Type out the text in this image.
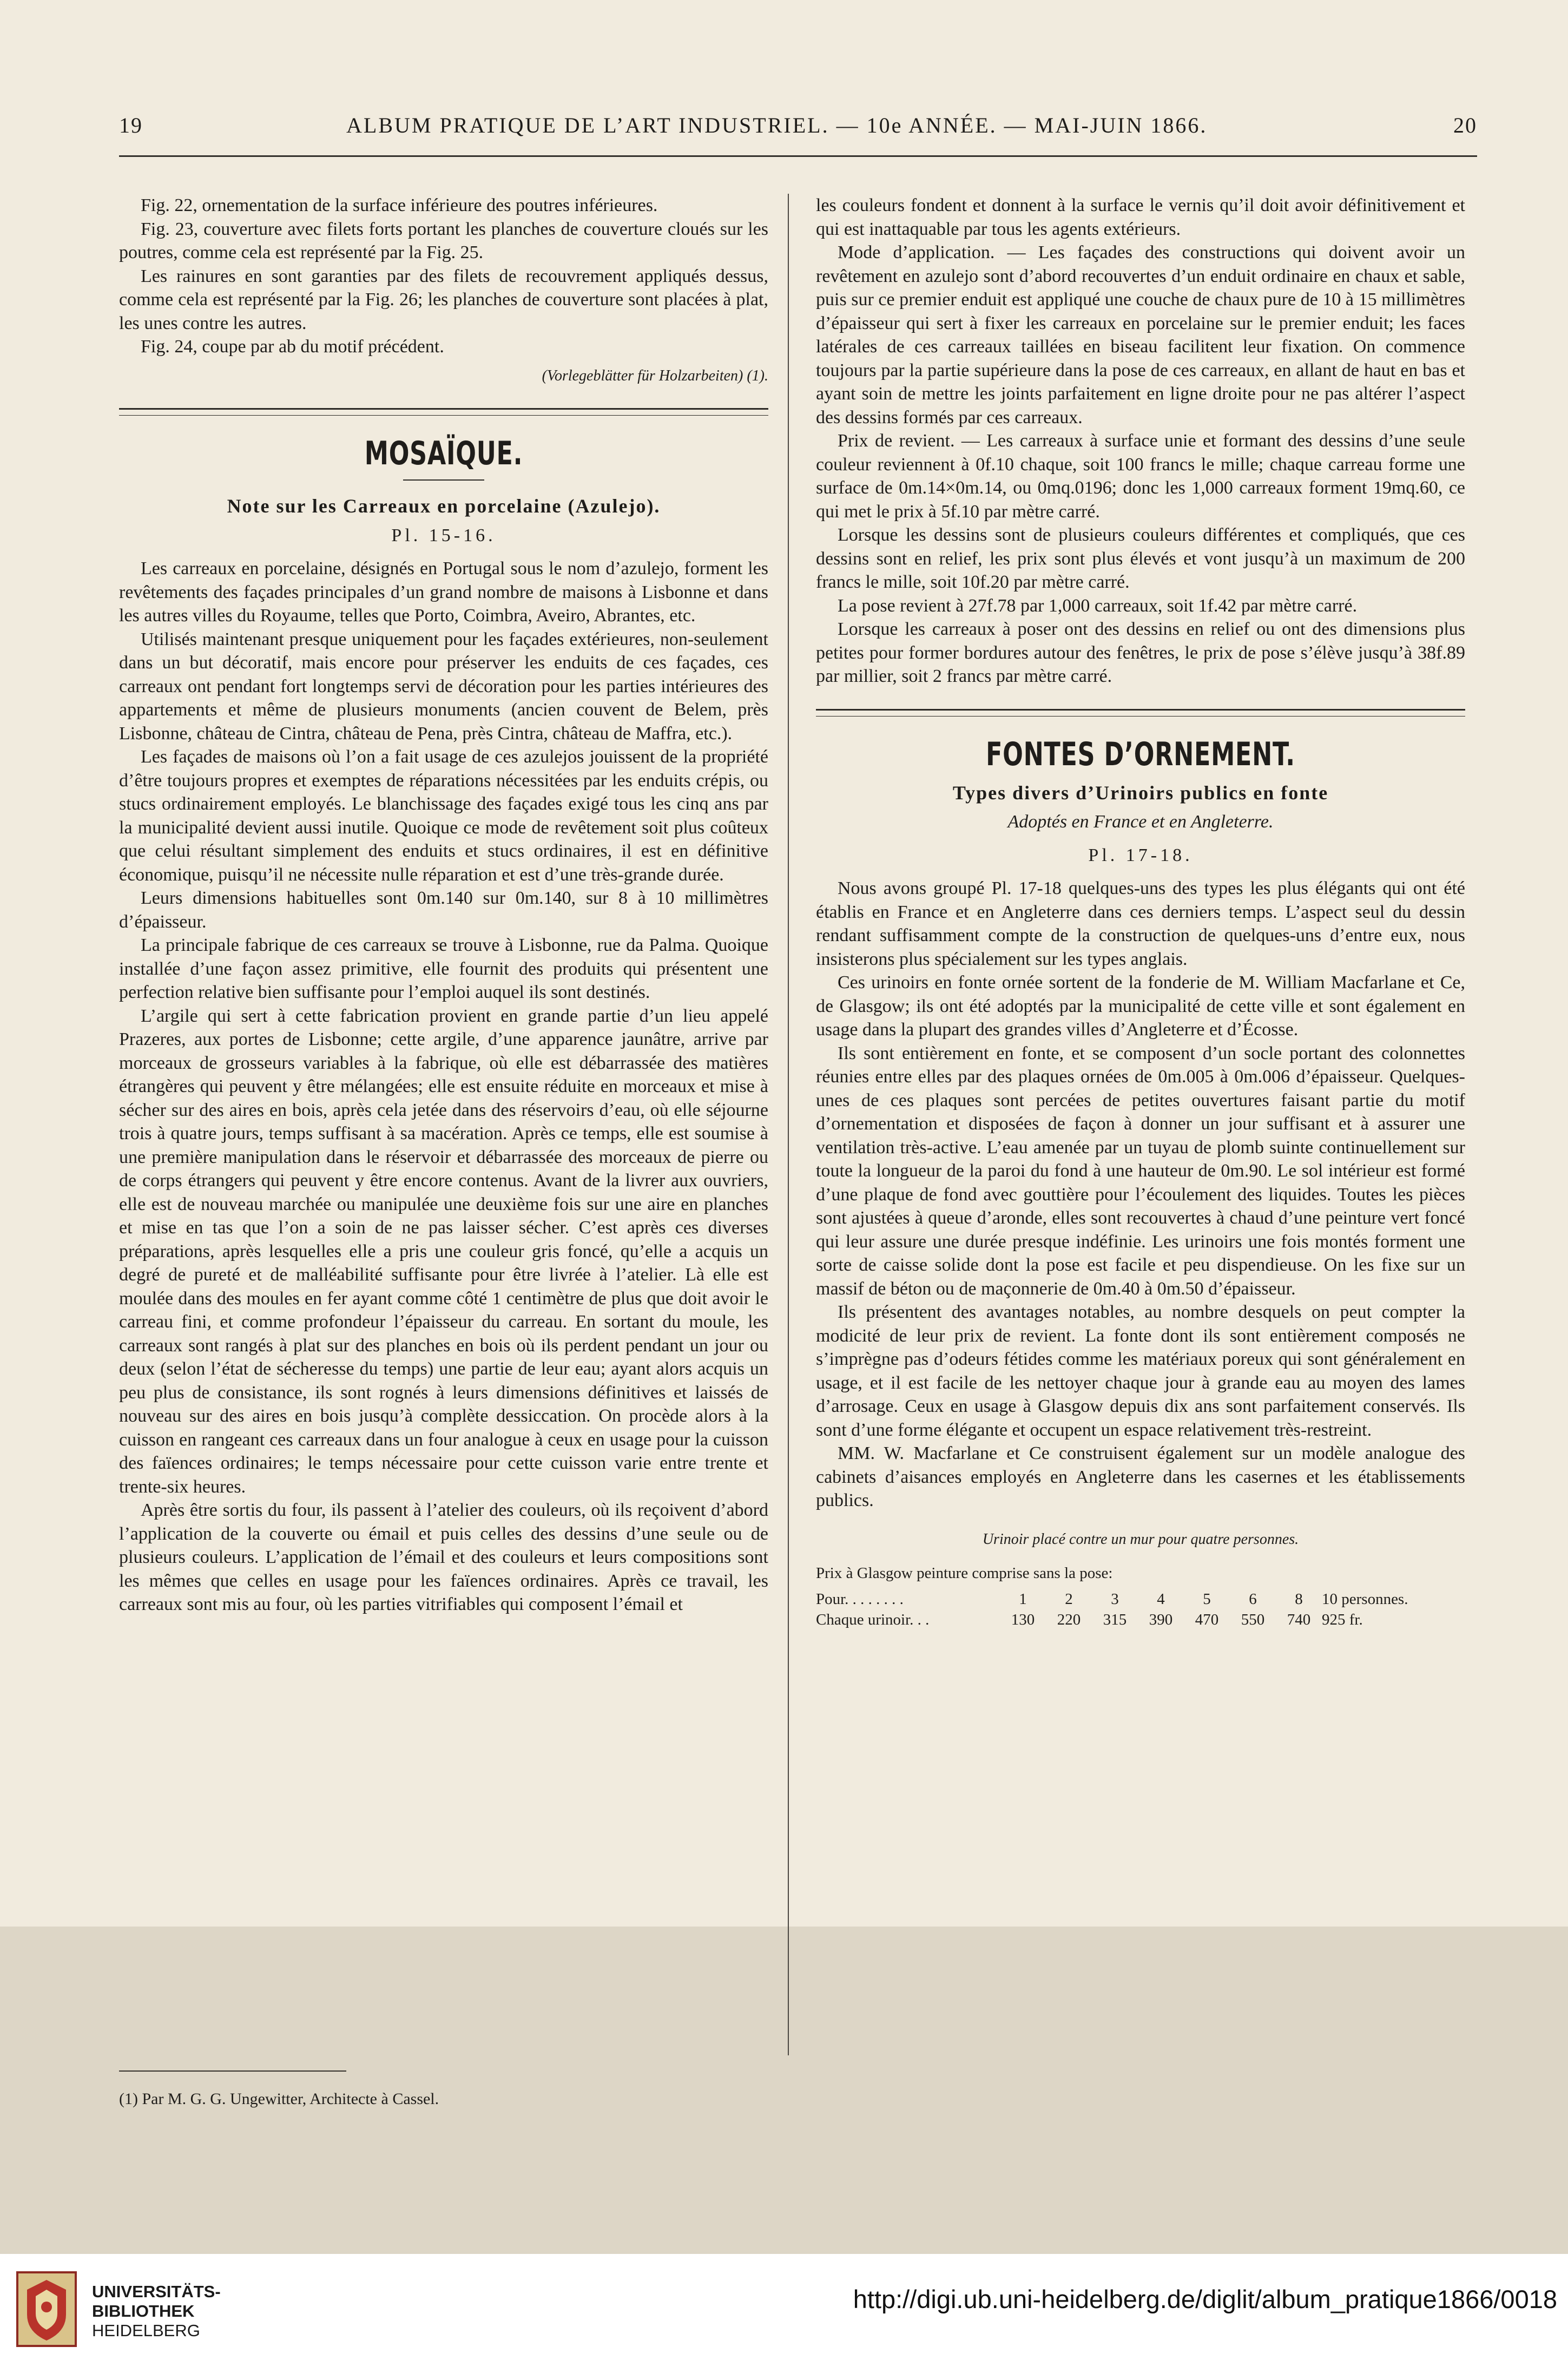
19	ALBUM PRATIQUE DE L’ART INDUSTRIEL. — 10e ANNÉE. — MAI-JUIN 1866.	20

Fig. 22, ornementation de la surface inférieure des poutres inférieures.

Fig. 23, couverture avec filets forts portant les planches de couverture cloués sur les poutres, comme cela est représenté par la Fig. 25.

Les rainures en sont garanties par des filets de recouvrement appliqués dessus, comme cela est représenté par la Fig. 26; les planches de couverture sont placées à plat, les unes contre les autres.

Fig. 24, coupe par ab du motif précédent.

(Vorlegeblätter für Holzarbeiten) (1).
MOSAÏQUE.
Note sur les Carreaux en porcelaine (Azulejo).
Pl. 15-16.

Les carreaux en porcelaine, désignés en Portugal sous le nom d’azulejo, forment les revêtements des façades principales d’un grand nombre de maisons à Lisbonne et dans les autres villes du Royaume, telles que Porto, Coimbra, Aveiro, Abrantes, etc.

Utilisés maintenant presque uniquement pour les façades extérieures, non-seulement dans un but décoratif, mais encore pour préserver les enduits de ces façades, ces carreaux ont pendant fort longtemps servi de décoration pour les parties intérieures des appartements et même de plusieurs monuments (ancien couvent de Belem, près Lisbonne, château de Cintra, château de Pena, près Cintra, château de Maffra, etc.).

Les façades de maisons où l’on a fait usage de ces azulejos jouissent de la propriété d’être toujours propres et exemptes de réparations nécessitées par les enduits crépis, ou stucs ordinairement employés. Le blanchissage des façades exigé tous les cinq ans par la municipalité devient aussi inutile. Quoique ce mode de revêtement soit plus coûteux que celui résultant simplement des enduits et stucs ordinaires, il est en définitive économique, puisqu’il ne nécessite nulle réparation et est d’une très-grande durée.

Leurs dimensions habituelles sont 0m.140 sur 0m.140, sur 8 à 10 millimètres d’épaisseur.

La principale fabrique de ces carreaux se trouve à Lisbonne, rue da Palma. Quoique installée d’une façon assez primitive, elle fournit des produits qui présentent une perfection relative bien suffisante pour l’emploi auquel ils sont destinés.

L’argile qui sert à cette fabrication provient en grande partie d’un lieu appelé Prazeres, aux portes de Lisbonne; cette argile, d’une apparence jaunâtre, arrive par morceaux de grosseurs variables à la fabrique, où elle est débarrassée des matières étrangères qui peuvent y être mélangées; elle est ensuite réduite en morceaux et mise à sécher sur des aires en bois, après cela jetée dans des réservoirs d’eau, où elle séjourne trois à quatre jours, temps suffisant à sa macération. Après ce temps, elle est soumise à une première manipulation dans le réservoir et débarrassée des morceaux de pierre ou de corps étrangers qui peuvent y être encore contenus. Avant de la livrer aux ouvriers, elle est de nouveau marchée ou manipulée une deuxième fois sur une aire en planches et mise en tas que l’on a soin de ne pas laisser sécher. C’est après ces diverses préparations, après lesquelles elle a pris une couleur gris foncé, qu’elle a acquis un degré de pureté et de malléabilité suffisante pour être livrée à l’atelier. Là elle est moulée dans des moules en fer ayant comme côté 1 centimètre de plus que doit avoir le carreau fini, et comme profondeur l’épaisseur du carreau. En sortant du moule, les carreaux sont rangés à plat sur des planches en bois où ils perdent pendant un jour ou deux (selon l’état de sécheresse du temps) une partie de leur eau; ayant alors acquis un peu plus de consistance, ils sont rognés à leurs dimensions définitives et laissés de nouveau sur des aires en bois jusqu’à complète dessiccation. On procède alors à la cuisson en rangeant ces carreaux dans un four analogue à ceux en usage pour la cuisson des faïences ordinaires; le temps nécessaire pour cette cuisson varie entre trente et trente-six heures.

Après être sortis du four, ils passent à l’atelier des couleurs, où ils reçoivent d’abord l’application de la couverte ou émail et puis celles des dessins d’une seule ou de plusieurs couleurs. L’application de l’émail et des couleurs et leurs compositions sont les mêmes que celles en usage pour les faïences ordinaires. Après ce travail, les carreaux sont mis au four, où les parties vitrifiables qui composent l’émail et

les couleurs fondent et donnent à la surface le vernis qu’il doit avoir définitivement et qui est inattaquable par tous les agents extérieurs.

Mode d’application. — Les façades des constructions qui doivent avoir un revêtement en azulejo sont d’abord recouvertes d’un enduit ordinaire en chaux et sable, puis sur ce premier enduit est appliqué une couche de chaux pure de 10 à 15 millimètres d’épaisseur qui sert à fixer les carreaux en porcelaine sur le premier enduit; les faces latérales de ces carreaux taillées en biseau facilitent leur fixation. On commence toujours par la partie supérieure dans la pose de ces carreaux, en allant de haut en bas et ayant soin de mettre les joints parfaitement en ligne droite pour ne pas altérer l’aspect des dessins formés par ces carreaux.

Prix de revient. — Les carreaux à surface unie et formant des dessins d’une seule couleur reviennent à 0f.10 chaque, soit 100 francs le mille; chaque carreau forme une surface de 0m.14×0m.14, ou 0mq.0196; donc les 1,000 carreaux forment 19mq.60, ce qui met le prix à 5f.10 par mètre carré.

Lorsque les dessins sont de plusieurs couleurs différentes et compliqués, que ces dessins sont en relief, les prix sont plus élevés et vont jusqu’à un maximum de 200 francs le mille, soit 10f.20 par mètre carré.

La pose revient à 27f.78 par 1,000 carreaux, soit 1f.42 par mètre carré.

Lorsque les carreaux à poser ont des dessins en relief ou ont des dimensions plus petites pour former bordures autour des fenêtres, le prix de pose s’élève jusqu’à 38f.89 par millier, soit 2 francs par mètre carré.

FONTES D’ORNEMENT.
Types divers d’Urinoirs publics en fonte
Adoptés en France et en Angleterre.
Pl. 17-18.

Nous avons groupé Pl. 17-18 quelques-uns des types les plus élégants qui ont été établis en France et en Angleterre dans ces derniers temps. L’aspect seul du dessin rendant suffisamment compte de la construction de quelques-uns d’entre eux, nous insisterons plus spécialement sur les types anglais.

Ces urinoirs en fonte ornée sortent de la fonderie de M. William Macfarlane et Ce, de Glasgow; ils ont été adoptés par la municipalité de cette ville et sont également en usage dans la plupart des grandes villes d’Angleterre et d’Écosse.

Ils sont entièrement en fonte, et se composent d’un socle portant des colonnettes réunies entre elles par des plaques ornées de 0m.005 à 0m.006 d’épaisseur. Quelques-unes de ces plaques sont percées de petites ouvertures faisant partie du motif d’ornementation et disposées de façon à donner un jour suffisant et à assurer une ventilation très-active. L’eau amenée par un tuyau de plomb suinte continuellement sur toute la longueur de la paroi du fond à une hauteur de 0m.90. Le sol intérieur est formé d’une plaque de fond avec gouttière pour l’écoulement des liquides. Toutes les pièces sont ajustées à queue d’aronde, elles sont recouvertes à chaud d’une peinture vert foncé qui leur assure une durée presque indéfinie. Les urinoirs une fois montés forment une sorte de caisse solide dont la pose est facile et peu dispendieuse. On les fixe sur un massif de béton ou de maçonnerie de 0m.40 à 0m.50 d’épaisseur.

Ils présentent des avantages notables, au nombre desquels on peut compter la modicité de leur prix de revient. La fonte dont ils sont entièrement composés ne s’imprègne pas d’odeurs fétides comme les matériaux poreux qui sont généralement en usage, et il est facile de les nettoyer chaque jour à grande eau au moyen des lames d’arrosage. Ceux en usage à Glasgow depuis dix ans sont parfaitement conservés. Ils sont d’une forme élégante et occupent un espace relativement très-restreint.

MM. W. Macfarlane et Ce construisent également sur un modèle analogue des cabinets d’aisances employés en Angleterre dans les casernes et les établissements publics.

Urinoir placé contre un mur pour quatre personnes.
Prix à Glasgow peinture comprise sans la pose:
Pour. . . . . . . .	1	2	3	4	5	6	8	10 personnes.
Chaque urinoir. . .	130	220	315	390	470	550	740	925 fr.
(1) Par M. G. G. Ungewitter, Architecte à Cassel.
UNIVERSITÄTS-
BIBLIOTHEK
HEIDELBERG
http://digi.ub.uni-heidelberg.de/diglit/album_pratique1866/0018
